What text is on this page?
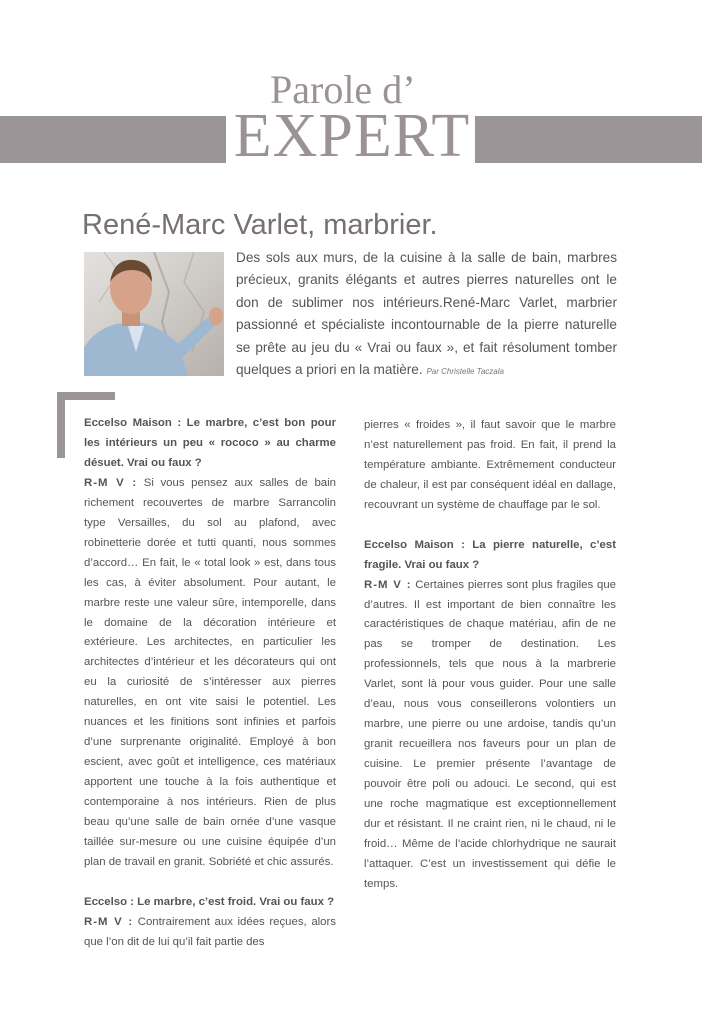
Parole d’
EXPERT
René-Marc Varlet, marbrier.
Des sols aux murs, de la cuisine à la salle de bain, marbres précieux, granits élégants et autres pierres naturelles ont le don de sublimer nos intérieurs.René-Marc Varlet, marbrier passionné et spécialiste incontournable de la pierre naturelle se prête au jeu du « Vrai ou faux », et fait résolument tomber quelques a priori en la matière. Par Christelle Taczala

Eccelso Maison : Le marbre, c’est bon pour les intérieurs un peu « rococo » au charme désuet. Vrai ou faux ?

R-M V : Si vous pensez aux salles de bain richement recouvertes de marbre Sarrancolin type Versailles, du sol au plafond, avec robinetterie dorée et tutti quanti, nous sommes d’accord… En fait, le « total look » est, dans tous les cas, à éviter absolument. Pour autant, le marbre reste une valeur sûre, intemporelle, dans le domaine de la décoration intérieure et extérieure. Les architectes, en particulier les architectes d’intérieur et les décorateurs qui ont eu la curiosité de s’intéresser aux pierres naturelles, en ont vite saisi le potentiel. Les nuances et les finitions sont infinies et parfois d’une surprenante originalité. Employé à bon escient, avec goût et intelligence, ces matériaux apportent une touche à la fois authentique et contemporaine à nos intérieurs. Rien de plus beau qu’une salle de bain ornée d’une vasque taillée sur-mesure ou une cuisine équipée d’un plan de travail en granit. Sobriété et chic assurés.

Eccelso : Le marbre, c’est froid. Vrai ou faux ?

R-M V : Contrairement aux idées reçues, alors que l’on dit de lui qu’il fait partie des

pierres « froides », il faut savoir que le marbre n’est naturellement pas froid. En fait, il prend la température ambiante. Extrêmement conducteur de chaleur, il est par conséquent idéal en dallage, recouvrant un système de chauffage par le sol.

Eccelso Maison : La pierre naturelle, c’est fragile. Vrai ou faux ?

R-M V : Certaines pierres sont plus fragiles que d’autres. Il est important de bien connaître les caractéristiques de chaque matériau, afin de ne pas se tromper de destination. Les professionnels, tels que nous à la marbrerie Varlet, sont là pour vous guider. Pour une salle d’eau, nous vous conseillerons volontiers un marbre, une pierre ou une ardoise, tandis qu’un granit recueillera nos faveurs pour un plan de cuisine. Le premier présente l’avantage de pouvoir être poli ou adouci. Le second, qui est une roche magmatique est exceptionnellement dur et résistant. Il ne craint rien, ni le chaud, ni le froid… Même de l’acide chlorhydrique ne saurait l’attaquer. C’est un investissement qui défie le temps.
